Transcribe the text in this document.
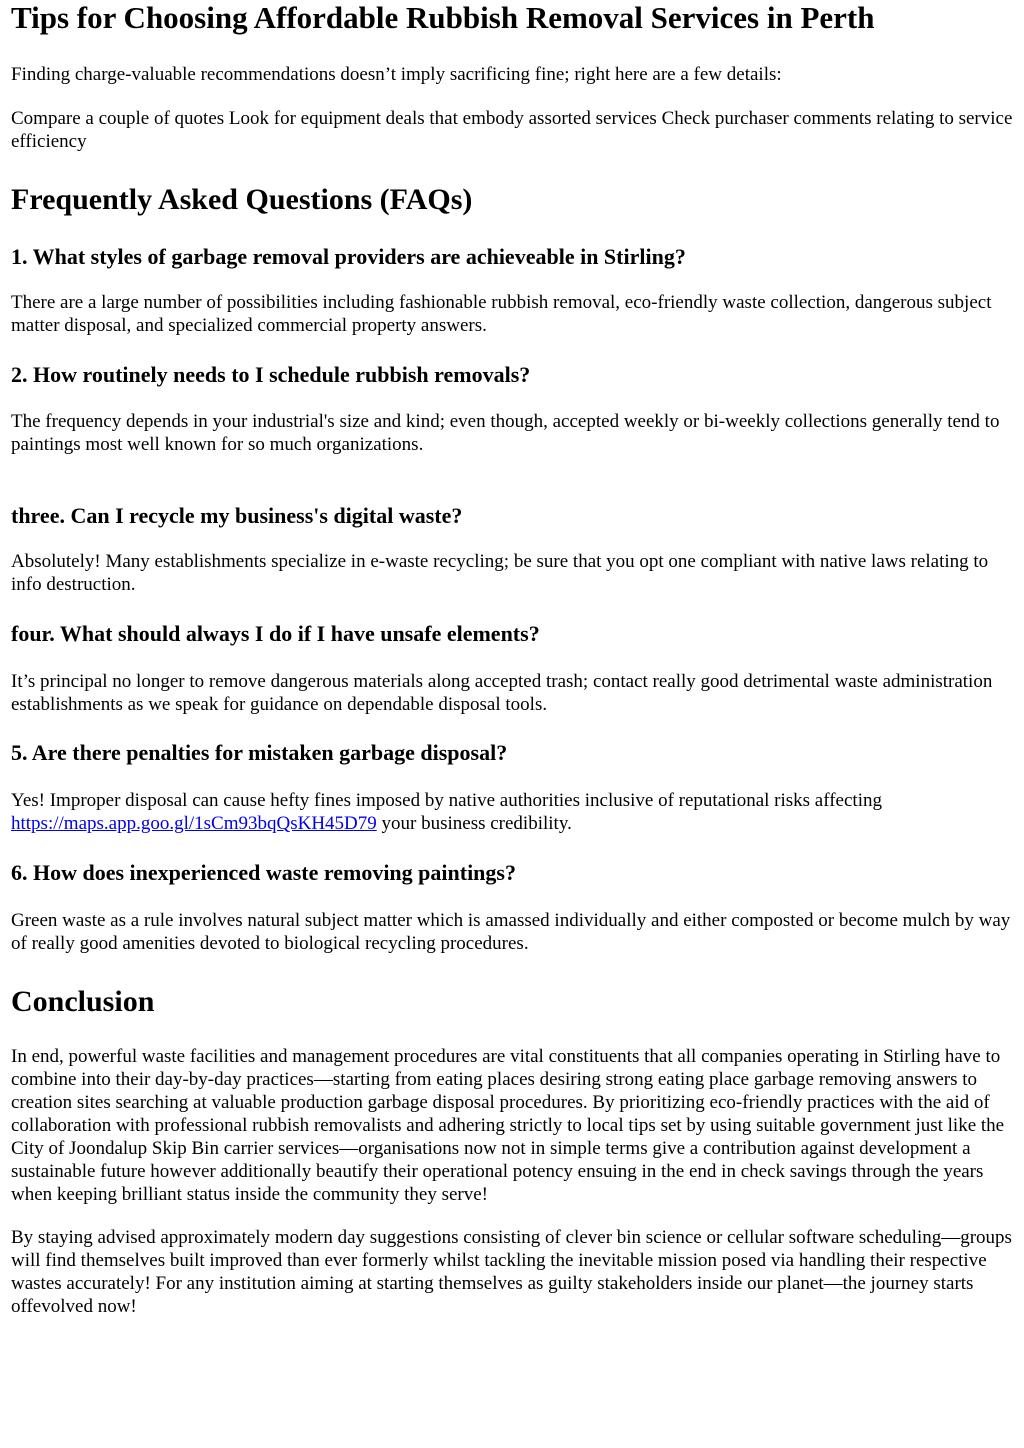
Tips for Choosing Affordable Rubbish Removal Services in Perth

Finding charge-valuable recommendations doesn’t imply sacrificing fine; right here are a few details:

Compare a couple of quotes Look for equipment deals that embody assorted services Check purchaser comments relating to service efficiency

Frequently Asked Questions (FAQs)
1. What styles of garbage removal providers are achieveable in Stirling?

There are a large number of possibilities including fashionable rubbish removal, eco-friendly waste collection, dangerous subject matter disposal, and specialized commercial property answers.

2. How routinely needs to I schedule rubbish removals?

The frequency depends in your industrial's size and kind; even though, accepted weekly or bi-weekly collections generally tend to paintings most well known for so much organizations.

three. Can I recycle my business's digital waste?

Absolutely! Many establishments specialize in e-waste recycling; be sure that you opt one compliant with native laws relating to info destruction.

four. What should always I do if I have unsafe elements?

It’s principal no longer to remove dangerous materials along accepted trash; contact really good detrimental waste administration establishments as we speak for guidance on dependable disposal tools.

5. Are there penalties for mistaken garbage disposal?

Yes! Improper disposal can cause hefty fines imposed by native authorities inclusive of reputational risks affecting https://maps.app.goo.gl/1sCm93bqQsKH45D79 your business credibility.

6. How does inexperienced waste removing paintings?

Green waste as a rule involves natural subject matter which is amassed individually and either composted or become mulch by way of really good amenities devoted to biological recycling procedures.

Conclusion

In end, powerful waste facilities and management procedures are vital constituents that all companies operating in Stirling have to combine into their day-by-day practices—starting from eating places desiring strong eating place garbage removing answers to creation sites searching at valuable production garbage disposal procedures. By prioritizing eco-friendly practices with the aid of collaboration with professional rubbish removalists and adhering strictly to local tips set by using suitable government just like the City of Joondalup Skip Bin carrier services—organisations now not in simple terms give a contribution against development a sustainable future however additionally beautify their operational potency ensuing in the end in check savings through the years when keeping brilliant status inside the community they serve!

By staying advised approximately modern day suggestions consisting of clever bin science or cellular software scheduling—groups will find themselves built improved than ever formerly whilst tackling the inevitable mission posed via handling their respective wastes accurately! For any institution aiming at starting themselves as guilty stakeholders inside our planet—the journey starts offevolved now!
